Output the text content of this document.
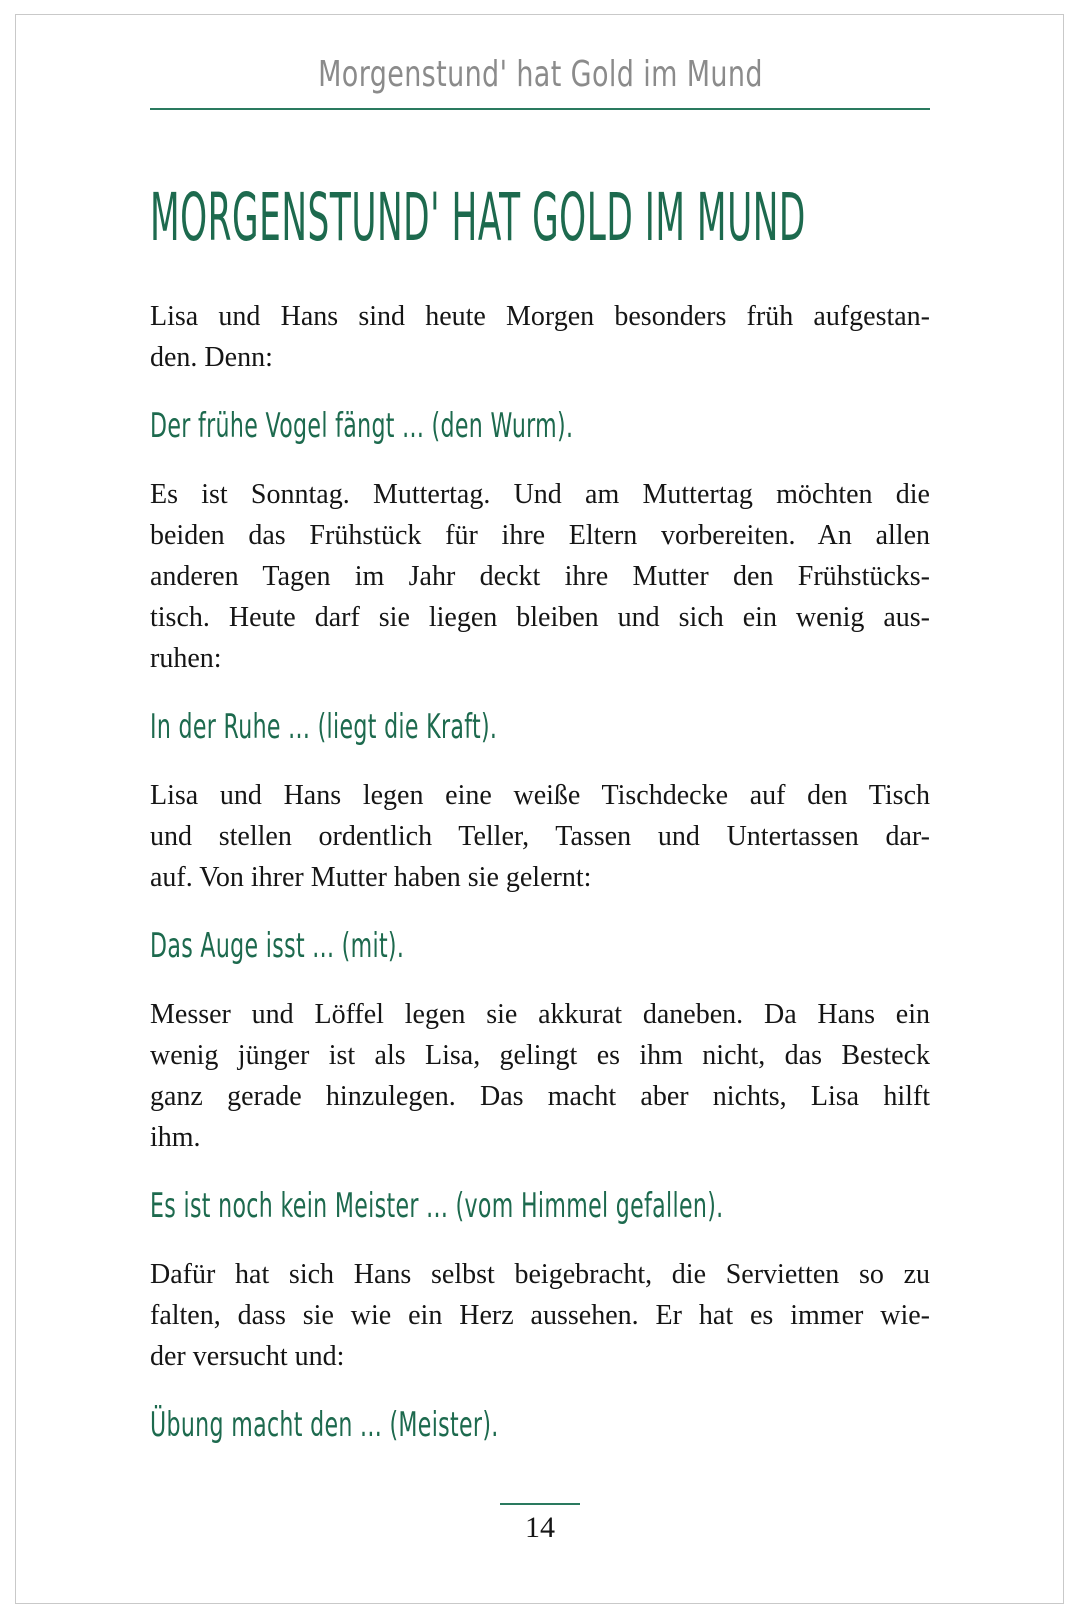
Morgenstund' hat Gold im Mund
MORGENSTUND' HAT GOLD IM MUND
Lisa und Hans sind heute Morgen besonders früh aufgestan-
den. Denn:
Der frühe Vogel fängt ... (den Wurm).
Es ist Sonntag. Muttertag. Und am Muttertag möchten die
beiden das Frühstück für ihre Eltern vorbereiten. An allen
anderen Tagen im Jahr deckt ihre Mutter den Frühstücks-
tisch. Heute darf sie liegen bleiben und sich ein wenig aus-
ruhen:
In der Ruhe ... (liegt die Kraft).
Lisa und Hans legen eine weiße Tischdecke auf den Tisch
und stellen ordentlich Teller, Tassen und Untertassen dar-
auf. Von ihrer Mutter haben sie gelernt:
Das Auge isst ... (mit).
Messer und Löffel legen sie akkurat daneben. Da Hans ein
wenig jünger ist als Lisa, gelingt es ihm nicht, das Besteck
ganz gerade hinzulegen. Das macht aber nichts, Lisa hilft
ihm.
Es ist noch kein Meister ... (vom Himmel gefallen).
Dafür hat sich Hans selbst beigebracht, die Servietten so zu
falten, dass sie wie ein Herz aussehen. Er hat es immer wie-
der versucht und:
Übung macht den ... (Meister).
14
